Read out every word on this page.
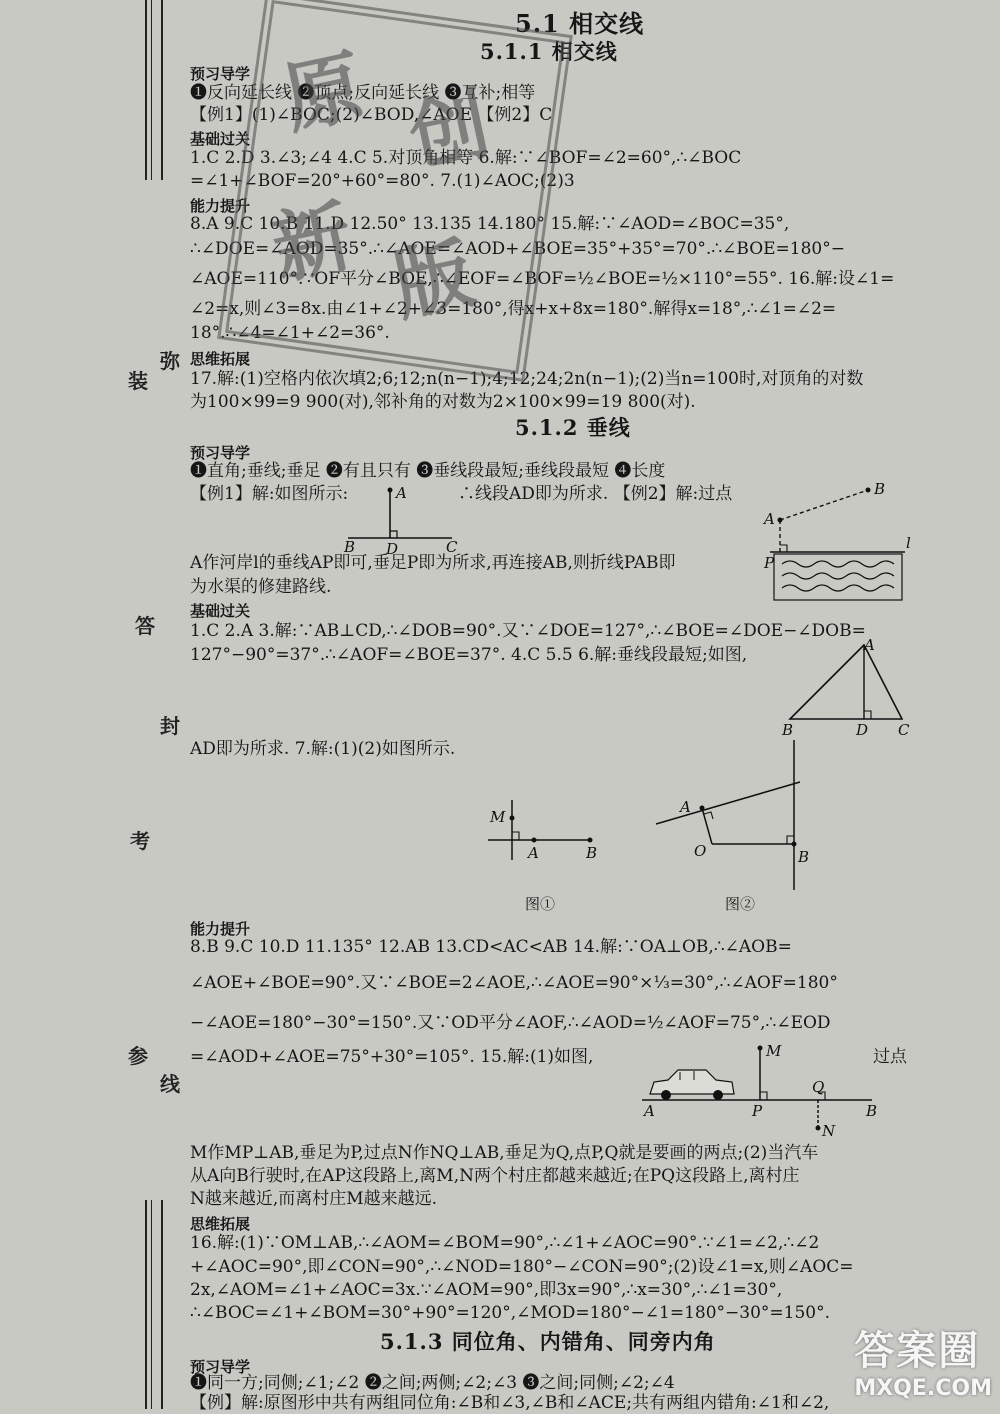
弥
装
答
封
考
参
线
5.1 相交线
5.1.1 相交线
预习导学
❶反向延长线 ❷顶点;反向延长线 ❸互补;相等
【例1】(1)∠BOC;(2)∠BOD,∠AOE 【例2】C
基础过关
1.C 2.D 3.∠3;∠4 4.C 5.对顶角相等 6.解:∵∠BOF=∠2=60°,∴∠BOC
=∠1+∠BOF=20°+60°=80°. 7.(1)∠AOC;(2)3
能力提升
8.A 9.C 10.B 11.D 12.50° 13.135 14.180° 15.解:∵∠AOD=∠BOC=35°,
∴∠DOE=∠AOD=35°.∴∠AOE=∠AOD+∠BOE=35°+35°=70°.∴∠BOE=180°−
∠AOE=110°.∵OF平分∠BOE,∴∠EOF=∠BOF=½∠BOE=½×110°=55°. 16.解:设∠1=
∠2=x,则∠3=8x.由∠1+∠2+∠3=180°,得x+x+8x=180°.解得x=18°,∴∠1=∠2=
18°.∴∠4=∠1+∠2=36°.
思维拓展
17.解:(1)空格内依次填2;6;12;n(n−1);4;12;24;2n(n−1);(2)当n=100时,对顶角的对数
为100×99=9 900(对),邻补角的对数为2×100×99=19 800(对).
5.1.2 垂线
预习导学
❶直角;垂线;垂足 ❷有且只有 ❸垂线段最短;垂线段最短 ❹长度
【例1】解:如图所示:	∴线段AD即为所求. 【例2】解:过点
A
B D	C
B
A
P
l
A作河岸l的垂线AP即可,垂足P即为所求,再连接AB,则折线PAB即
为水渠的修建路线.
基础过关
1.C 2.A 3.解:∵AB⊥CD,∴∠DOB=90°.又∵∠DOE=127°,∴∠BOE=∠DOE−∠DOB=
127°−90°=37°.∴∠AOF=∠BOE=37°. 4.C 5.5 6.解:垂线段最短;如图,	A
B	D C
AD即为所求. 7.解:(1)(2)如图所示.
M
A	B
图①
A
O	B
图②
能力提升
8.B 9.C 10.D 11.135° 12.AB 13.CD<AC<AB 14.解:∵OA⊥OB,∴∠AOB=
∠AOE+∠BOE=90°.又∵∠BOE=2∠AOE,∴∠AOE=90°×⅓=30°,∴∠AOF=180°
−∠AOE=180°−30°=150°.又∵OD平分∠AOF,∴∠AOD=½∠AOF=75°,∴∠EOD
=∠AOD+∠AOE=75°+30°=105°. 15.解:(1)如图,	过点
M
Q
A	P	B
N
M作MP⊥AB,垂足为P,过点N作NQ⊥AB,垂足为Q,点P,Q就是要画的两点;(2)当汽车
从A向B行驶时,在AP这段路上,离M,N两个村庄都越来越近;在PQ这段路上,离村庄
N越来越近,而离村庄M越来越远.
思维拓展
16.解:(1)∵OM⊥AB,∴∠AOM=∠BOM=90°,∴∠1+∠AOC=90°.∵∠1=∠2,∴∠2
+∠AOC=90°,即∠CON=90°,∴∠NOD=180°−∠CON=90°;(2)设∠1=x,则∠AOC=
2x,∠AOM=∠1+∠AOC=3x.∵∠AOM=90°,即3x=90°,∴x=30°,∴∠1=30°,
∴∠BOC=∠1+∠BOM=30°+90°=120°,∠MOD=180°−∠1=180°−30°=150°.
5.1.3 同位角、内错角、同旁内角
预习导学
❶同一方;同侧;∠1;∠2 ❷之间;两侧;∠2;∠3 ❸之间;同侧;∠2;∠4
【例】解:原图形中共有两组同位角:∠B和∠3,∠B和∠ACE;共有两组内错角:∠1和∠2,
原 创
新 版
答案圈
MXQE.COM
